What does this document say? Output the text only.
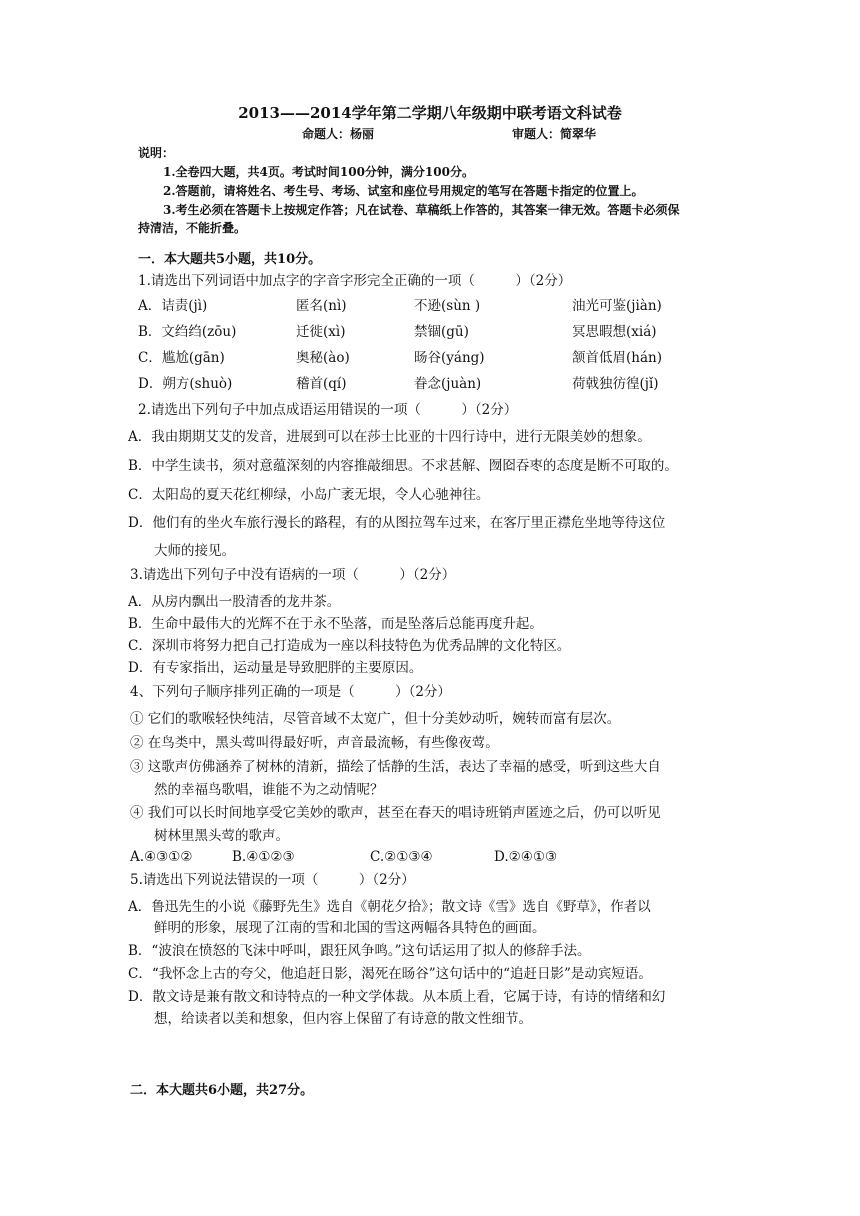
2013——2014学年第二学期八年级期中联考语文科试卷
命题人：杨丽	审题人：简翠华
说明：
1.全卷四大题，共4页。考试时间100分钟，满分100分。
2.答题前，请将姓名、考生号、考场、试室和座位号用规定的笔写在答题卡指定的位置上。
3.考生必须在答题卡上按规定作答；凡在试卷、草稿纸上作答的，其答案一律无效。答题卡必须保
持清洁，不能折叠。
一．本大题共5小题，共10分。
1.请选出下列词语中加点字的字音字形完全正确的一项（　　　）（2分）
A．诘责(jì)	匿名(nì)	不逊(sùn )	油光可鉴(jiàn)
B．文绉绉(zōu)	迁徙(xì)	禁锢(gū)	冥思暇想(xiá)
C．尴尬(gān)	奥秘(ào)	旸谷(yáng)	颔首低眉(hán)
D．朔方(shuò)	稽首(qí)	眷念(juàn)	荷戟独彷徨(jǐ)
2.请选出下列句子中加点成语运用错误的一项（　　　）（2分）
A．我由期期艾艾的发音，进展到可以在莎士比亚的十四行诗中，进行无限美妙的想象。
B．中学生读书，须对意蕴深刻的内容推敲细思。不求甚解、囫囵吞枣的态度是断不可取的。
C．太阳岛的夏天花红柳绿，小岛广袤无垠，令人心驰神往。
D．他们有的坐火车旅行漫长的路程，有的从图拉驾车过来，在客厅里正襟危坐地等待这位
大师的接见。
3.请选出下列句子中没有语病的一项（　　　）（2分）
A．从房内飘出一股清香的龙井茶。
B．生命中最伟大的光辉不在于永不坠落，而是坠落后总能再度升起。
C．深圳市将努力把自己打造成为一座以科技特色为优秀品牌的文化特区。
D．有专家指出，运动量是导致肥胖的主要原因。
4、下列句子顺序排列正确的一项是（　　　）（2分）
① 它们的歌喉轻快纯洁，尽管音域不太宽广，但十分美妙动听，婉转而富有层次。
② 在鸟类中，黑头莺叫得最好听，声音最流畅，有些像夜莺。
③ 这歌声仿佛涵养了树林的清新，描绘了恬静的生活，表达了幸福的感受，听到这些大自
然的幸福鸟歌唱，谁能不为之动情呢？
④ 我们可以长时间地享受它美妙的歌声，甚至在春天的唱诗班销声匿迹之后，仍可以听见
树林里黑头莺的歌声。
A.④③①②	B.④①②③	C.②①③④	D.②④①③
5.请选出下列说法错误的一项（　　　）（2分）
A．鲁迅先生的小说《藤野先生》选自《朝花夕拾》；散文诗《雪》选自《野草》，作者以
鲜明的形象，展现了江南的雪和北国的雪这两幅各具特色的画面。
B．“波浪在愤怒的飞沫中呼叫，跟狂风争鸣。”这句话运用了拟人的修辞手法。
C．“我怀念上古的夸父，他追赶日影，渴死在旸谷”这句话中的“追赶日影”是动宾短语。
D．散文诗是兼有散文和诗特点的一种文学体裁。从本质上看，它属于诗，有诗的情绪和幻
想，给读者以美和想象，但内容上保留了有诗意的散文性细节。
二．本大题共6小题，共27分。
